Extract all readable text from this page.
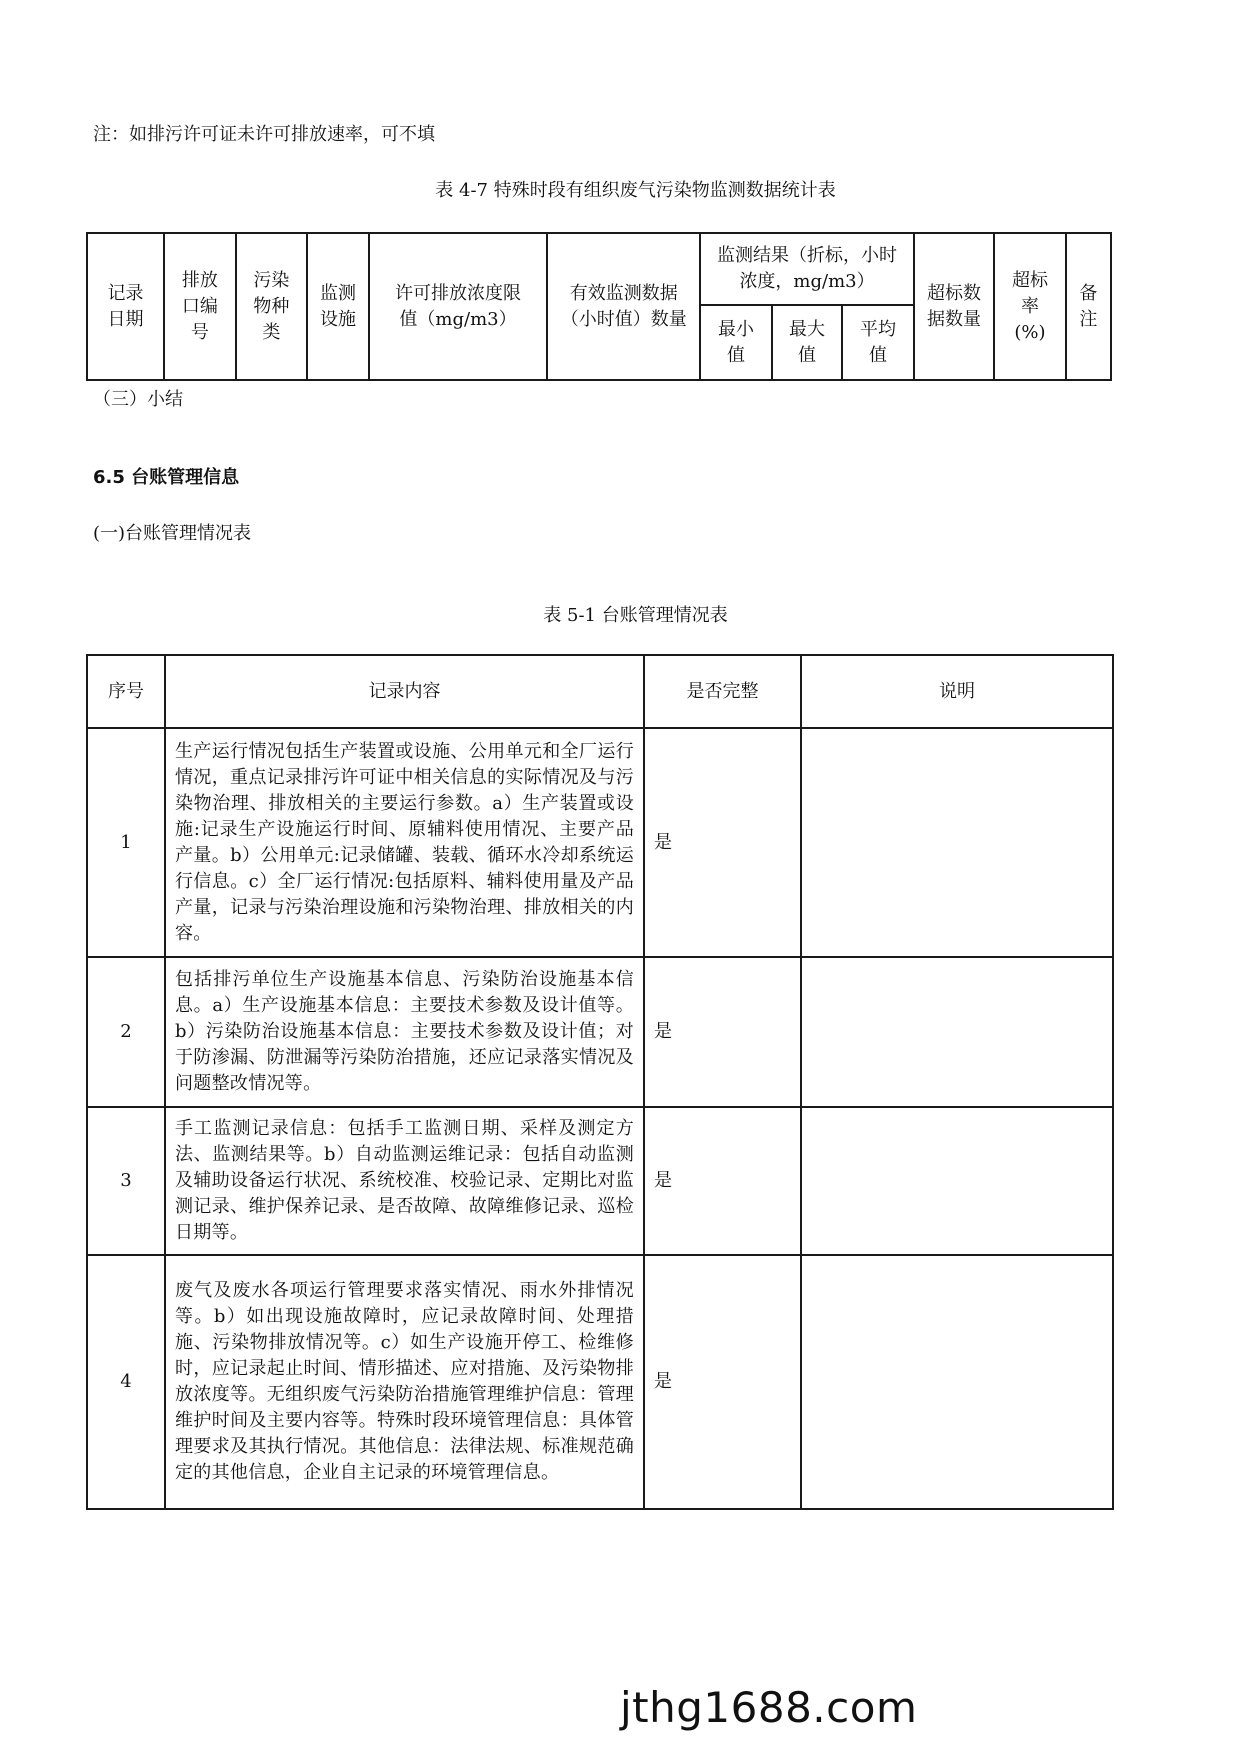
注：如排污许可证未许可排放速率，可不填
表 4-7 特殊时段有组织废气污染物监测数据统计表
记录日期	排放口编号	污染物种类	监测设施	许可排放浓度限值（mg/m3）	有效监测数据（小时值）数量	监测结果（折标，小时浓度，mg/m3）			超标数据数量	超标率(%)	备注

						最小值	最大值	平均值			
（三）小结
6.5 台账管理信息
(一)台账管理情况表
表 5-1 台账管理情况表
序号	记录内容	是否完整	说明
1	生产运行情况包括生产装置或设施、公用单元和全厂运行情况，重点记录排污许可证中相关信息的实际情况及与污染物治理、排放相关的主要运行参数。a）生产装置或设施:记录生产设施运行时间、原辅料使用情况、主要产品产量。b）公用单元:记录储罐、装载、循环水冷却系统运行信息。c）全厂运行情况:包括原料、辅料使用量及产品产量，记录与污染治理设施和污染物治理、排放相关的内容。	是	
2	包括排污单位生产设施基本信息、污染防治设施基本信息。a）生产设施基本信息：主要技术参数及设计值等。b）污染防治设施基本信息：主要技术参数及设计值；对于防渗漏、防泄漏等污染防治措施，还应记录落实情况及问题整改情况等。	是	
3	手工监测记录信息：包括手工监测日期、采样及测定方法、监测结果等。b）自动监测运维记录：包括自动监测及辅助设备运行状况、系统校准、校验记录、定期比对监测记录、维护保养记录、是否故障、故障维修记录、巡检日期等。	是	
4	废气及废水各项运行管理要求落实情况、雨水外排情况等。b）如出现设施故障时，应记录故障时间、处理措施、污染物排放情况等。c）如生产设施开停工、检维修时，应记录起止时间、情形描述、应对措施、及污染物排放浓度等。无组织废气污染防治措施管理维护信息：管理维护时间及主要内容等。特殊时段环境管理信息：具体管理要求及其执行情况。其他信息：法律法规、标准规范确定的其他信息，企业自主记录的环境管理信息。	是	
jthg1688.com
